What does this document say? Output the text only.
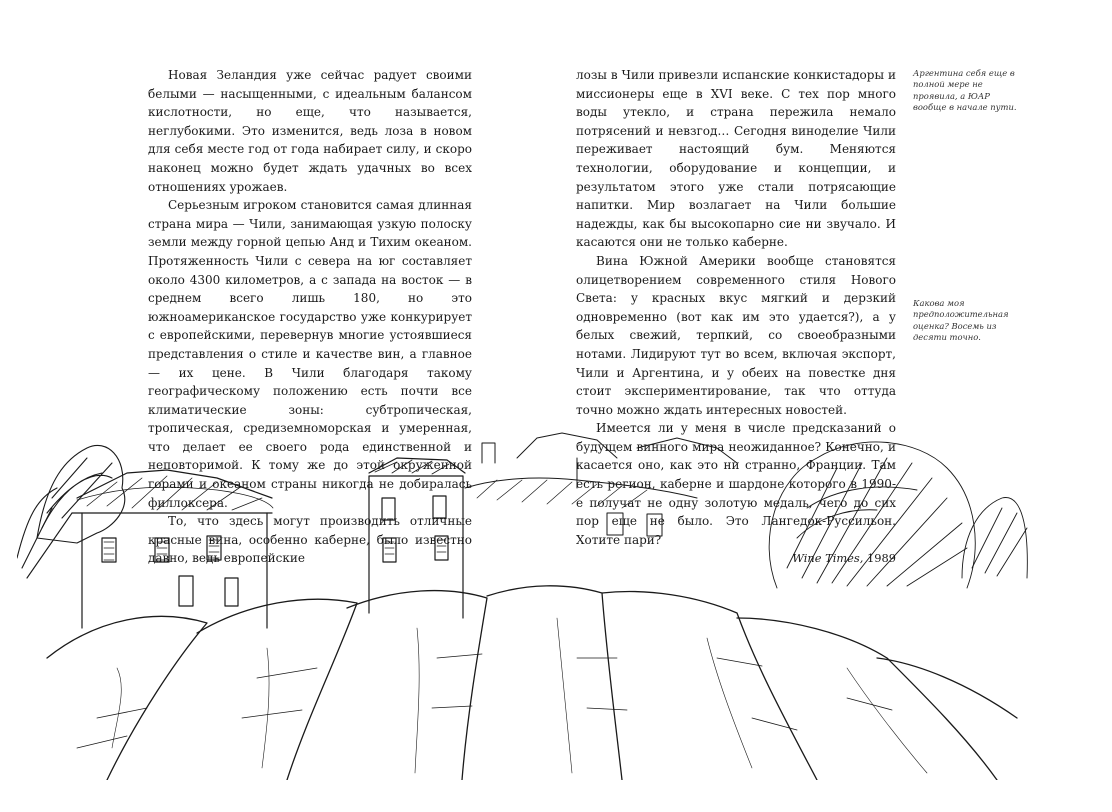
Новая Зеландия уже сейчас радует своими белыми — насыщенными, с идеальным балансом кислотности, но еще, что называется, неглубокими. Это изменится, ведь лоза в новом для себя месте год от года набирает силу, и скоро наконец можно будет ждать удачных во всех отношениях урожаев.

Серьезным игроком становится самая длинная страна мира — Чили, занимающая узкую полоску земли между горной цепью Анд и Тихим океаном. Протяженность Чили с севера на юг составляет около 4300 километров, а с запада на восток — в среднем всего лишь 180, но это южноамериканское государство уже конкурирует с европейскими, перевернув многие устоявшиеся представления о стиле и качестве вин, а главное — их цене. В Чили благодаря такому географическому положению есть почти все климатические зоны: субтропическая, тропическая, средиземноморская и умеренная, что делает ее своего рода единственной и неповторимой. К тому же до этой окруженной горами и океаном страны никогда не добиралась филлоксера.

То, что здесь могут производить отличные красные вина, особенно каберне, было известно давно, ведь европейские

лозы в Чили привезли испанские конкистадоры и миссионеры еще в XVI веке. С тех пор много воды утекло, и страна пережила немало потрясений и невзгод… Сегодня виноделие Чили переживает настоящий бум. Меняются технологии, оборудование и концепции, и результатом этого уже стали потрясающие напитки. Мир возлагает на Чили большие надежды, как бы высокопарно сие ни звучало. И касаются они не только каберне.

Вина Южной Америки вообще становятся олицетворением современного стиля Нового Света: у красных вкус мягкий и дерзкий одновременно (вот как им это удается?), а у белых свежий, терпкий, со своеобразными нотами. Лидируют тут во всем, включая экспорт, Чили и Аргентина, и у обеих на повестке дня стоит экспериментирование, так что оттуда точно можно ждать интересных новостей.

Имеется ли у меня в числе предсказаний о будущем винного мира неожиданное? Конечно, и касается оно, как это ни странно, Франции. Там есть регион, каберне и шардоне которого в 1990-е получат не одну золотую медаль, чего до сих пор еще не было. Это Лангедок-Руссильон. Хотите пари?

Wine Times, 1989
Аргентина себя еще в полной мере не проявила, а ЮАР вообще в начале пути.
Какова моя предположительная оценка? Восемь из десяти точно.
